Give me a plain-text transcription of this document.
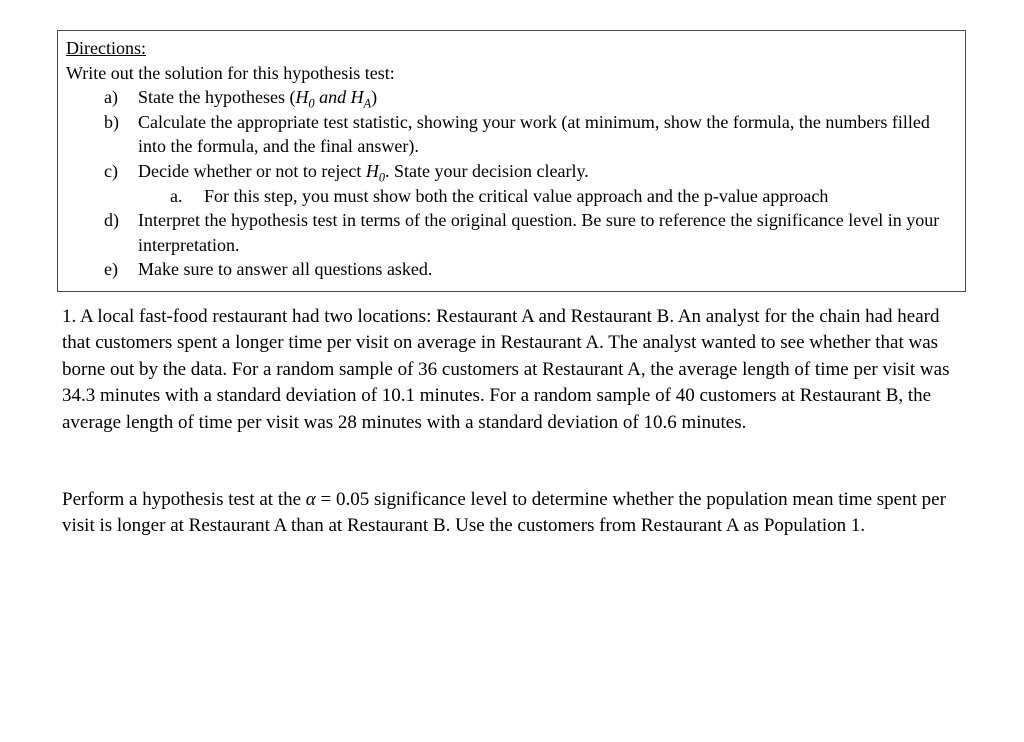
Directions:
Write out the solution for this hypothesis test:
a)	State the hypotheses ($H_0$ and $H_A$)
b)	Calculate the appropriate test statistic, showing your work (at minimum, show the formula, the numbers filled into the formula, and the final answer).
c)	Decide whether or not to reject $H_0$. State your decision clearly.
a.	For this step, you must show both the critical value approach and the p-value approach
d)	Interpret the hypothesis test in terms of the original question. Be sure to reference the significance level in your interpretation.
e)	Make sure to answer all questions asked.
1. A local fast-food restaurant had two locations: Restaurant A and Restaurant B. An analyst for the chain had heard that customers spent a longer time per visit on average in Restaurant A. The analyst wanted to see whether that was borne out by the data. For a random sample of 36 customers at Restaurant A, the average length of time per visit was 34.3 minutes with a standard deviation of 10.1 minutes. For a random sample of 40 customers at Restaurant B, the average length of time per visit was 28 minutes with a standard deviation of 10.6 minutes.
Perform a hypothesis test at the α = 0.05 significance level to determine whether the population mean time spent per visit is longer at Restaurant A than at Restaurant B. Use the customers from Restaurant A as Population 1.
